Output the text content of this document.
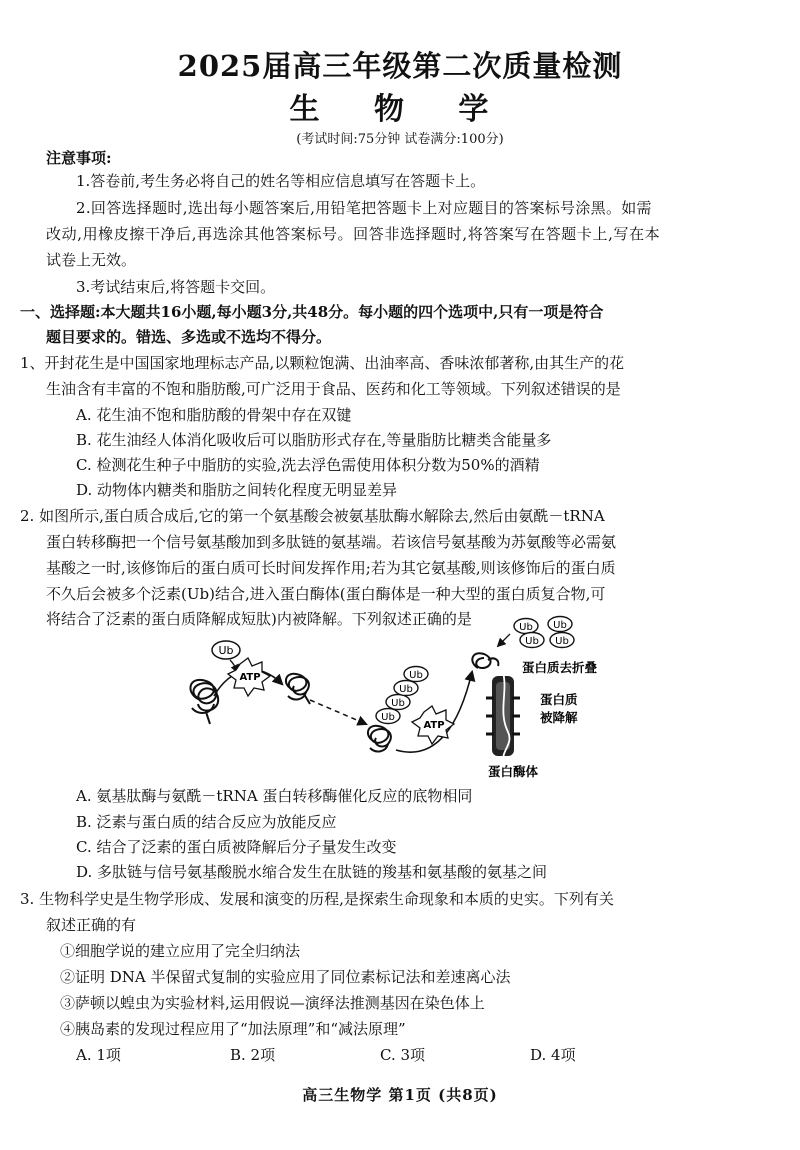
2025届高三年级第二次质量检测
生 物 学
(考试时间:75分钟 试卷满分:100分)
注意事项:
1.答卷前,考生务必将自己的姓名等相应信息填写在答题卡上。
2.回答选择题时,选出每小题答案后,用铅笔把答题卡上对应题目的答案标号涂黑。如需
改动,用橡皮擦干净后,再选涂其他答案标号。回答非选择题时,将答案写在答题卡上,写在本
试卷上无效。
3.考试结束后,将答题卡交回。
一、选择题:本大题共16小题,每小题3分,共48分。每小题的四个选项中,只有一项是符合
题目要求的。错选、多选或不选均不得分。
1、开封花生是中国国家地理标志产品,以颗粒饱满、出油率高、香味浓郁著称,由其生产的花
生油含有丰富的不饱和脂肪酸,可广泛用于食品、医药和化工等领域。下列叙述错误的是
A. 花生油不饱和脂肪酸的骨架中存在双键
B. 花生油经人体消化吸收后可以脂肪形式存在,等量脂肪比糖类含能量多
C. 检测花生种子中脂肪的实验,洗去浮色需使用体积分数为50%的酒精
D. 动物体内糖类和脂肪之间转化程度无明显差异
2. 如图所示,蛋白质合成后,它的第一个氨基酸会被氨基肽酶水解除去,然后由氨酰－tRNA
蛋白转移酶把一个信号氨基酸加到多肽链的氨基端。若该信号氨基酸为苏氨酸等必需氨
基酸之一时,该修饰后的蛋白质可长时间发挥作用;若为其它氨基酸,则该修饰后的蛋白质
不久后会被多个泛素(Ub)结合,进入蛋白酶体(蛋白酶体是一种大型的蛋白质复合物,可
将结合了泛素的蛋白质降解成短肽)内被降解。下列叙述正确的是
Ub
ATP
Ub
Ub
Ub
Ub
ATP
Ub Ub
Ub Ub
蛋白质去折叠
蛋白质
被降解
蛋白酶体
A. 氨基肽酶与氨酰－tRNA 蛋白转移酶催化反应的底物相同
B. 泛素与蛋白质的结合反应为放能反应
C. 结合了泛素的蛋白质被降解后分子量发生改变
D. 多肽链与信号氨基酸脱水缩合发生在肽链的羧基和氨基酸的氨基之间
3. 生物科学史是生物学形成、发展和演变的历程,是探索生命现象和本质的史实。下列有关
叙述正确的有
①细胞学说的建立应用了完全归纳法
②证明 DNA 半保留式复制的实验应用了同位素标记法和差速离心法
③萨顿以蝗虫为实验材料,运用假说—演绎法推测基因在染色体上
④胰岛素的发现过程应用了“加法原理”和“减法原理”
A. 1项	B. 2项	C. 3项	D. 4项
高三生物学 第1页 (共8页)
